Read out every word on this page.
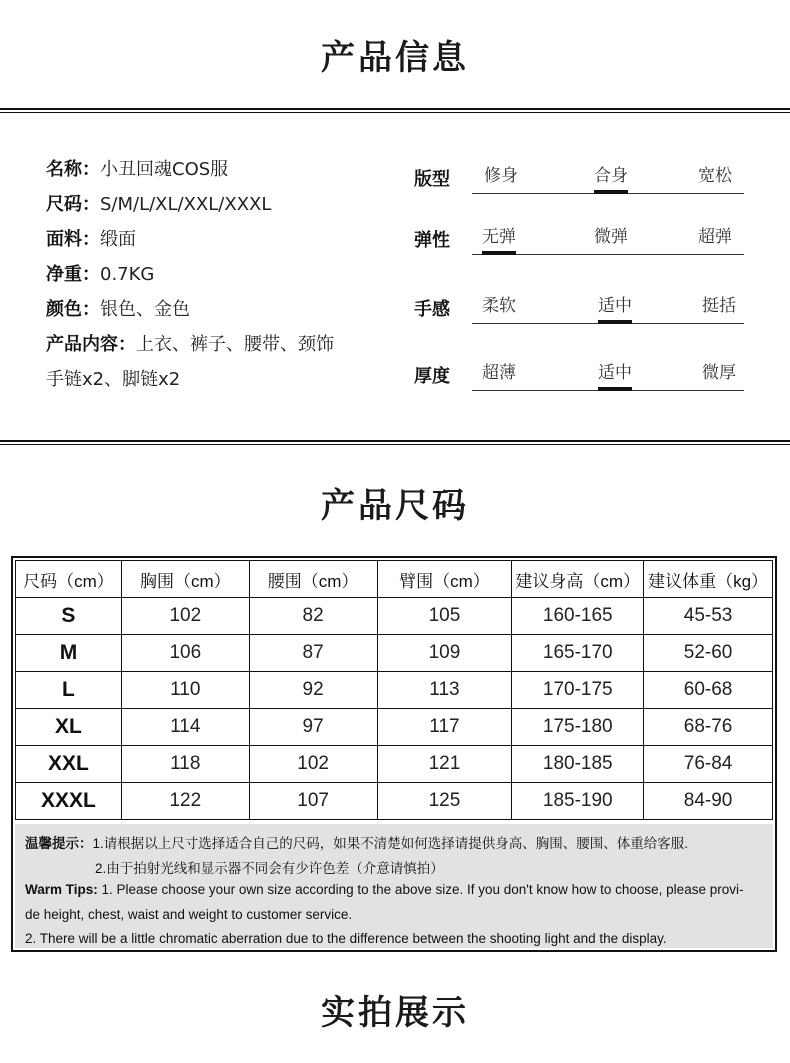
产品信息
名称：小丑回魂COS服
尺码：S/M/L/XL/XXL/XXXL
面料：缎面
净重：0.7KG
颜色：银色、金色
产品内容：上衣、裤子、腰带、颈饰
手链x2、脚链x2
版型 修身	合身	宽松
弹性 无弹	微弹	超弹
手感 柔软	适中	挺括
厚度 超薄	适中	微厚
产品尺码
尺码（cm）	胸围（cm）	腰围（cm）	臂围（cm）	建议身高（cm）	建议体重（kg）
S	102	82	105	160-165	45-53
M	106	87	109	165-170	52-60
L	110	92	113	170-175	60-68
XL	114	97	117	175-180	68-76
XXL	118	102	121	180-185	76-84
XXXL	122	107	125	185-190	84-90
温馨提示：1.请根据以上尺寸选择适合自己的尺码，如果不清楚如何选择请提供身高、胸围、腰围、体重给客服.
2.由于拍射光线和显示器不同会有少许色差（介意请慎拍）
Warm Tips: 1. Please choose your own size according to the above size. If you don't know how to choose, please provi-
de height, chest, waist and weight to customer service.
2. There will be a little chromatic aberration due to the difference between the shooting light and the display.
实拍展示
